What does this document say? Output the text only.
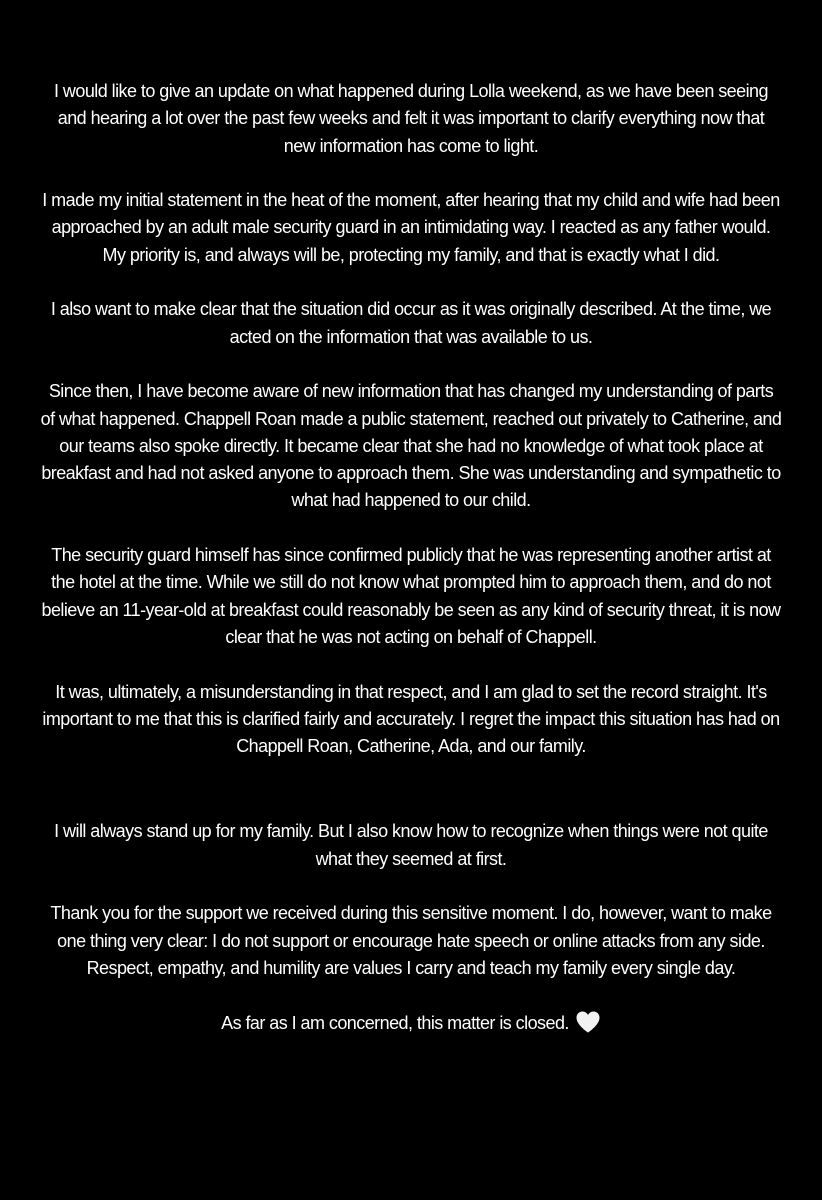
I would like to give an update on what happened during Lolla weekend, as we have been seeing and hearing a lot over the past few weeks and felt it was important to clarify everything now that new information has come to light.

I made my initial statement in the heat of the moment, after hearing that my child and wife had been approached by an adult male security guard in an intimidating way. I reacted as any father would. My priority is, and always will be, protecting my family, and that is exactly what I did.

I also want to make clear that the situation did occur as it was originally described. At the time, we acted on the information that was available to us.

Since then, I have become aware of new information that has changed my understanding of parts of what happened. Chappell Roan made a public statement, reached out privately to Catherine, and our teams also spoke directly. It became clear that she had no knowledge of what took place at breakfast and had not asked anyone to approach them. She was understanding and sympathetic to what had happened to our child.

The security guard himself has since confirmed publicly that he was representing another artist at the hotel at the time. While we still do not know what prompted him to approach them, and do not believe an 11-year-old at breakfast could reasonably be seen as any kind of security threat, it is now clear that he was not acting on behalf of Chappell.

It was, ultimately, a misunderstanding in that respect, and I am glad to set the record straight. It's important to me that this is clarified fairly and accurately. I regret the impact this situation has had on Chappell Roan, Catherine, Ada, and our family.

I will always stand up for my family. But I also know how to recognize when things were not quite what they seemed at first.

Thank you for the support we received during this sensitive moment. I do, however, want to make one thing very clear: I do not support or encourage hate speech or online attacks from any side. Respect, empathy, and humility are values I carry and teach my family every single day.

As far as I am concerned, this matter is closed.
